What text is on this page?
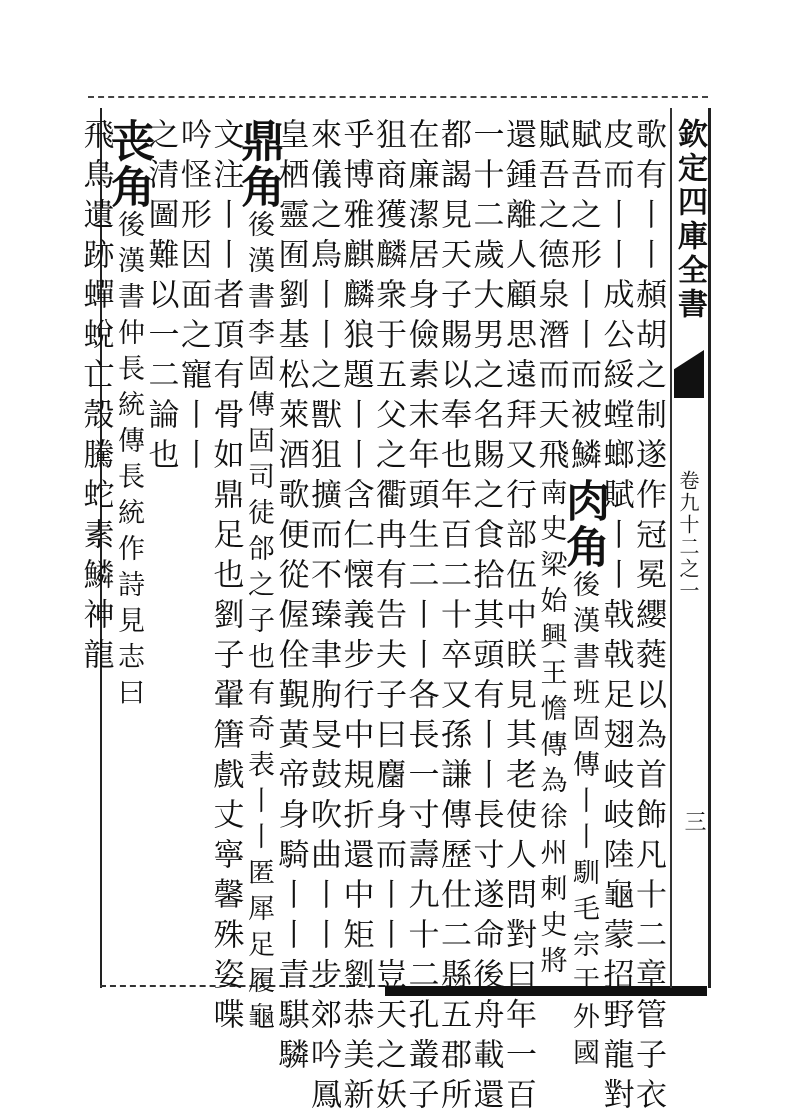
欽定四庫全書
卷九十二之一
三
歌有丨丨頳胡之制遂作冠冕纓蕤以為首飾凡十二章管子衣
皮而丨丨成公綏螳螂賦丨丨戟戟足翅岐岐陸龜蒙招野龍對
賦吾之形丨丨而被鱗肉角後漢書班固傳丨丨馴毛宗于外國
賦吾之德泉潛而天飛南史梁始興王憺傳為徐州刺史將
還鍾離人顧思遠拜又行部伍中眹見其老使人問對曰年一百
一十二歲大男之名賜之食拾其頭有丨丨長寸遂命後舟載還
都謁見天子賜以奉也年百二十卒又孫謙傳歷仕二縣五郡所
在廉潔居身儉素末年頭生二丨丨各長一寸壽九十二孔叢子
狙商獲麟衆于五父之衢冉有告夫子曰麕身而丨丨豈天之妖
乎博雅麒麟狼題丨丨含仁懐義步行中規折還中矩劉恭美新
來儀之鳥丨丨之獸狙擴而不臻聿朐旻鼓吹曲丨丨步郊吟鳳
皇栖靈囿劉基松萊酒歌便從偓佺覲黃帝身騎丨丨青騏驎
鼎角後漢書李固傳固司徒郃之子也有奇表丨丨匿犀足履龜
文注丨丨者頂有骨如鼎足也劉子翬篖戲丈寧馨殊姿喋
吟怪形因面之寵丨丨
之清圖難以一二論也
丧角後漢書仲長統傳長統作詩見志曰
飛鳥遺跡蟬蛻亡殼騰蛇素鱗神龍
